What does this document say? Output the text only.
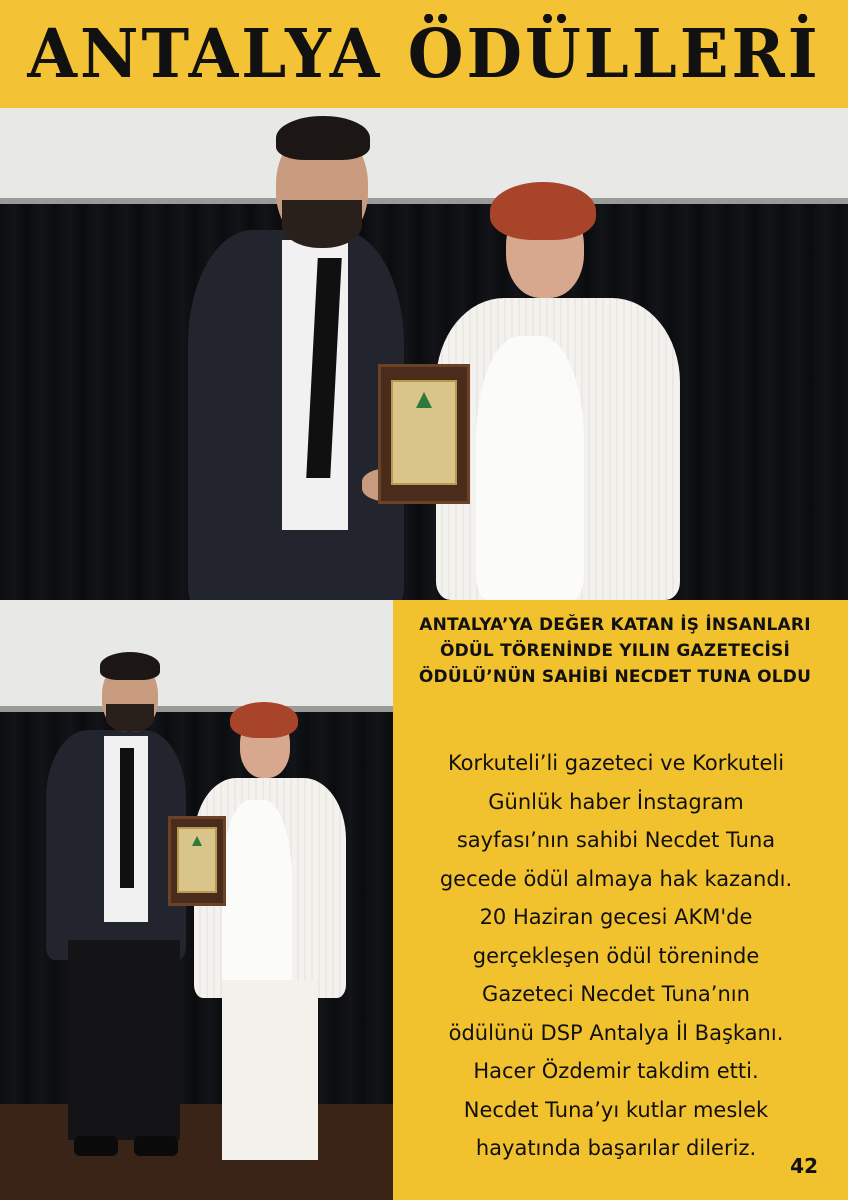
ANTALYA ÖDÜLLERİ
ANTALYA’YA DEĞER KATAN İŞ İNSANLARI ÖDÜL TÖRENİNDE YILIN GAZETECİSİ ÖDÜLÜ’NÜN SAHİBİ NECDET TUNA OLDU
Korkuteli’li gazeteci ve Korkuteli
Günlük haber İnstagram
sayfası’nın sahibi Necdet Tuna
gecede ödül almaya hak kazandı.
20 Haziran gecesi AKM'de
gerçekleşen ödül töreninde
Gazeteci Necdet Tuna’nın
ödülünü DSP Antalya İl Başkanı.
Hacer Özdemir takdim etti.
Necdet Tuna’yı kutlar meslek
hayatında başarılar dileriz.
42
